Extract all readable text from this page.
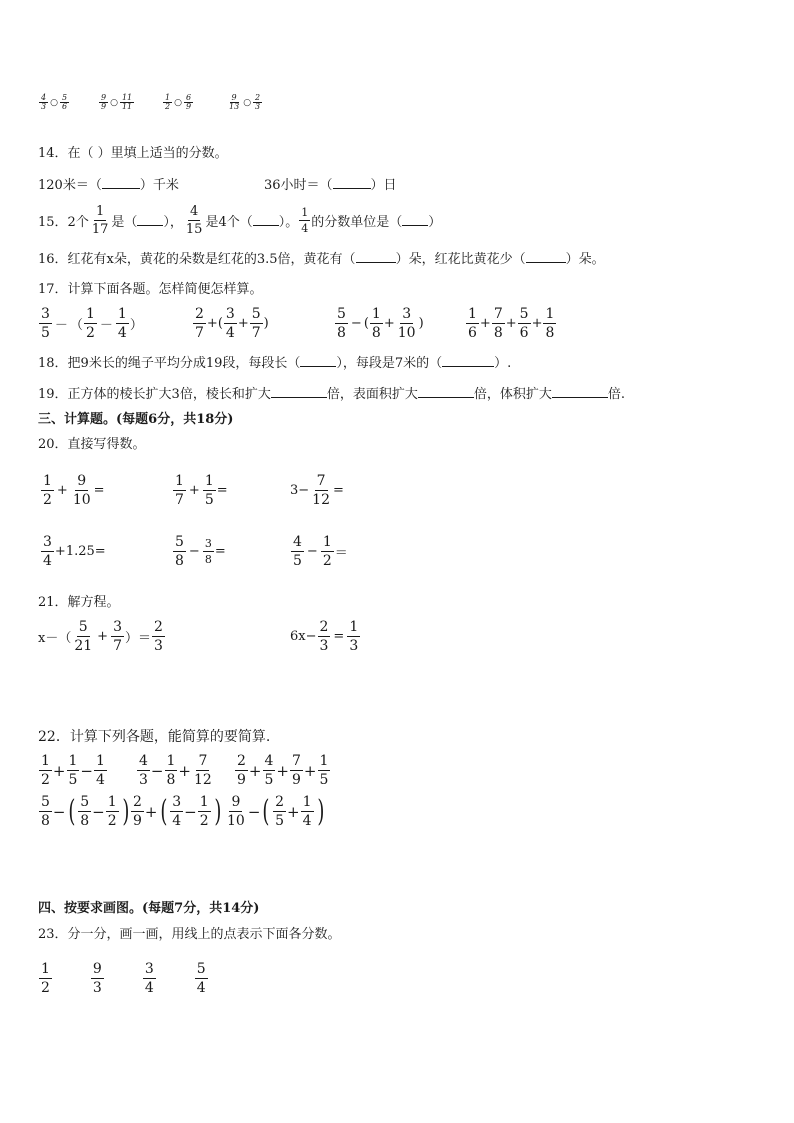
$\frac{4}{3}$ ○ $\frac{5}{6}$	$\frac{9}{9}$ ○ $\frac{11}{11}$	$\frac{1}{2}$ ○ $\frac{6}{9}$	$\frac{9}{13}$ ○ $\frac{2}{3}$
14．在（ ）里填上适当的分数。
120米＝（	）千米	36小时＝（	）日
15．2个 $\frac{1}{17}$ 是（ ）， $\frac{4}{15}$ 是4个（ ）。 $\frac{1}{4}$ 的分数单位是（ ）
16．红花有x朵，黄花的朵数是红花的3.5倍，黄花有（	）朵，红花比黄花少（	）朵。
17．计算下面各题。怎样简便怎样算。
$\frac{3}{5}$ － （ $\frac{1}{2} - \frac{1}{4}$ ）	$\frac{2}{7}$ + ( $\frac{3}{4} + \frac{5}{7}$ )	$\frac{5}{8}$ − ( $\frac{1}{8} + \frac{3}{10}$ )	$\frac{1}{6} + \frac{7}{8} + \frac{5}{6} + \frac{1}{8}$
18．把9米长的绳子平均分成19段，每段长（	），每段是7米的（	）.
19．正方体的棱长扩大3倍，棱长和扩大	倍，表面积扩大	倍，体积扩大	倍.
三、计算题。(每题6分，共18分)
20．直接写得数。
$\frac{1}{2} + \frac{9}{10}$ =	$\frac{1}{7} + \frac{1}{5}$ =	$3- \frac{7}{12}$ =
$\frac{3}{4} +1.25=$	$\frac{5}{8} - \frac{3}{8}$ =	$\frac{4}{5} - \frac{1}{2}$ ＝
21．解方程。
$x-( \frac{5}{21} + \frac{3}{7}$ ）＝ $\frac{2}{3}$	$6x- \frac{2}{3} = \frac{1}{3}$
22．计算下列各题，能简算的要简算.
$\frac{1}{2} + \frac{1}{5} - \frac{1}{4} \frac{4}{3} - \frac{1}{8} + \frac{7}{12} \frac{2}{9} + \frac{4}{5} + \frac{7}{9} + \frac{1}{5}$
$\frac{5}{8}$ − ( $\frac{5}{8} - \frac{1}{2}$ ) $\frac{2}{9}$ + ( $\frac{3}{4} - \frac{1}{2}$ ) $\frac{9}{10}$ − ( $\frac{2}{5} + \frac{1}{4}$ )
四、按要求画图。(每题7分，共14分)
23．分一分，画一画，用线上的点表示下面各分数。
$\frac{1}{2}$	$\frac{9}{3}$	$\frac{3}{4}$	$\frac{5}{4}$
